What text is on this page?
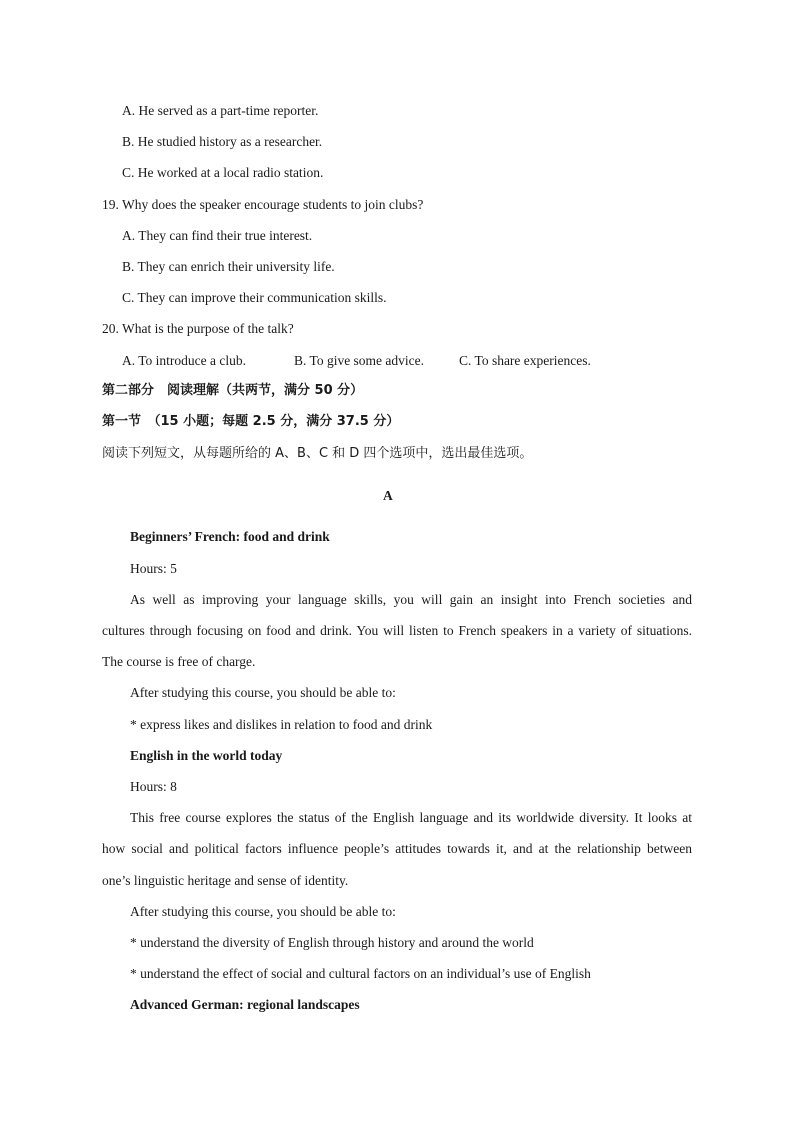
A. He served as a part-time reporter.
B. He studied history as a researcher.
C. He worked at a local radio station.
19. Why does the speaker encourage students to join clubs?
A. They can find their true interest.
B. They can enrich their university life.
C. They can improve their communication skills.
20. What is the purpose of the talk?
A. To introduce a club.	B. To give some advice.	C. To share experiences.
第二部分　阅读理解（共两节，满分 50 分）
第一节　（15 小题；每题 2.5 分，满分 37.5 分）
阅读下列短文，从每题所给的 A、B、C 和 D 四个选项中，选出最佳选项。
A
Beginners’ French: food and drink
Hours: 5
As well as improving your language skills, you will gain an insight into French societies and
cultures through focusing on food and drink. You will listen to French speakers in a variety of situations.
The course is free of charge.
After studying this course, you should be able to:
* express likes and dislikes in relation to food and drink
English in the world today
Hours: 8
This free course explores the status of the English language and its worldwide diversity. It looks at
how social and political factors influence people’s attitudes towards it, and at the relationship between
one’s linguistic heritage and sense of identity.
After studying this course, you should be able to:
* understand the diversity of English through history and around the world
* understand the effect of social and cultural factors on an individual’s use of English
Advanced German: regional landscapes
